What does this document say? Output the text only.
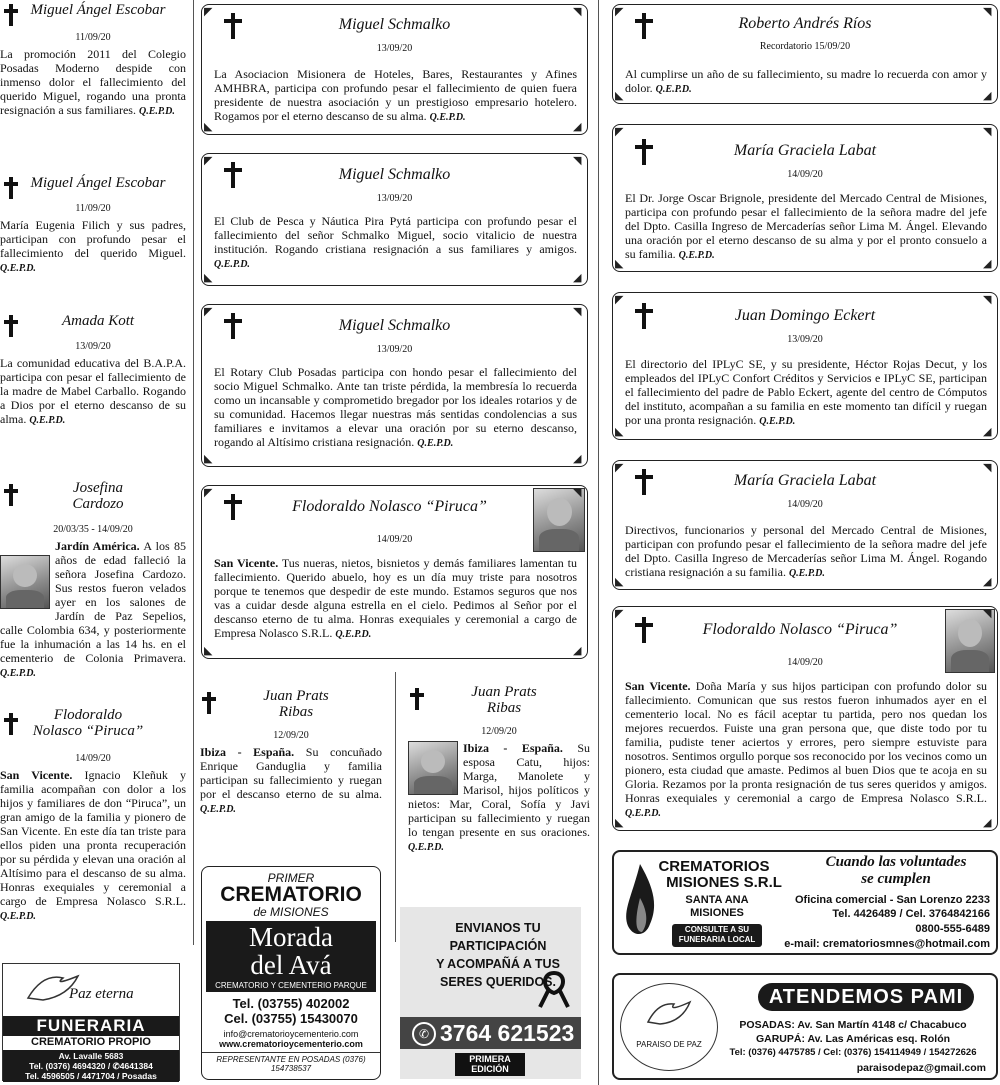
Miguel Ángel Escobar
11/09/20
La promoción 2011 del Colegio Posadas Moderno despide con inmenso dolor el fallecimiento del querido Miguel, rogando una pronta resignación a sus familiares. Q.E.P.D.
Miguel Ángel Escobar
11/09/20
María Eugenia Filich y sus padres, participan con profundo pesar el fallecimiento del querido Miguel. Q.E.P.D.
Amada Kott
13/09/20
La comunidad educativa del B.A.P.A. participa con pesar el fallecimiento de la madre de Mabel Carballo. Rogando a Dios por el eterno descanso de su alma. Q.E.P.D.
Josefina Cardozo
20/03/35 - 14/09/20
Jardín América. A los 85 años de edad falleció la señora Josefina Cardozo. Sus restos fueron velados ayer en los salones de Jardín de Paz Sepelios, calle Colombia 634, y posteriormente fue la inhumación a las 14 hs. en el cementerio de Colonia Primavera. Q.E.P.D.
Flodoraldo Nolasco “Piruca”
14/09/20
San Vicente. Ignacio Kleñuk y familia acompañan con dolor a los hijos y familiares de don “Piruca”, un gran amigo de la familia y pionero de San Vicente. En este día tan triste para ellos piden una pronta recuperación por su pérdida y elevan una oración al Altísimo para el descanso de su alma. Honras exequiales y ceremonial a cargo de Empresa Nolasco S.R.L. Q.E.P.D.
Paz eterna
FUNERARIA
CREMATORIO PROPIO
Av. Lavalle 5683
Tel. (0376) 4694320 / ✆4641384
Tel. 4596505 / 4471704 / Posadas
Miguel Schmalko
13/09/20
La Asociacion Misionera de Hoteles, Bares, Restaurantes y Afines AMHBRA, participa con profundo pesar el fallecimiento de quien fuera presidente de nuestra asociación y un prestigioso empresario hotelero. Rogamos por el eterno descanso de su alma. Q.E.P.D.
◤	◥
◣	◢
Miguel Schmalko
13/09/20
El Club de Pesca y Náutica Pira Pytá participa con profundo pesar el fallecimiento del señor Schmalko Miguel, socio vitalicio de nuestra institución. Rogando cristiana resignación a sus familiares y amigos. Q.E.P.D.
◤	◥
◣	◢
Miguel Schmalko
13/09/20
El Rotary Club Posadas participa con hondo pesar el fallecimiento del socio Miguel Schmalko. Ante tan triste pérdida, la membresía lo recuerda como un incansable y comprometido bregador por los ideales rotarios y de su comunidad. Hacemos llegar nuestras más sentidas condolencias a sus familiares e invitamos a elevar una oración por su eterno descanso, rogando al Altísimo cristiana resignación. Q.E.P.D.
◤	◥
◣	◢
Flodoraldo Nolasco “Piruca”
14/09/20
San Vicente. Tus nueras, nietos, bisnietos y demás familiares lamentan tu fallecimiento. Querido abuelo, hoy es un día muy triste para nosotros porque te tenemos que despedir de este mundo. Estamos seguros que nos vas a cuidar desde alguna estrella en el cielo. Pedimos al Señor por el descanso eterno de tu alma. Honras exequiales y ceremonial a cargo de Empresa Nolasco S.R.L. Q.E.P.D.
◤	◥
◣	◢
Juan Prats Ribas
12/09/20
Ibiza - España. Su concuñado Enrique Ganduglia y familia participan su fallecimiento y ruegan por el descanso eterno de su alma. Q.E.P.D.
Juan Prats Ribas
12/09/20
Ibiza - España. Su esposa Catu, hijos: Marga, Manolete y Marisol, hijos políticos y nietos: Mar, Coral, Sofía y Javi participan su fallecimiento y ruegan lo tengan presente en sus oraciones. Q.E.P.D.
PRIMER
CREMATORIO
de MISIONES
Morada
del Avá
CREMATORIO Y CEMENTERIO PARQUE
Tel. (03755) 402002
Cel. (03755) 15430070
info@crematorioycementerio.com
www.crematorioycementerio.com
REPRESENTANTE EN POSADAS (0376) 154738537
ENVIANOS TU
PARTICIPACIÓN
Y ACOMPAÑÁ A TUS
SERES QUERIDOS.
✆ 3764 621523
PRIMERA
EDICIÓN
Roberto Andrés Ríos
Recordatorio 15/09/20
Al cumplirse un año de su fallecimiento, su madre lo recuerda con amor y dolor. Q.E.P.D.
◤	◥
◣	◢
María Graciela Labat
14/09/20
El Dr. Jorge Oscar Brignole, presidente del Mercado Central de Misiones, participa con profundo pesar el fallecimiento de la señora madre del jefe del Dpto. Casilla Ingreso de Mercaderías señor Lima M. Ángel. Elevando una oración por el eterno descanso de su alma y por el pronto consuelo a su familia. Q.E.P.D.
◤	◥
◣	◢
Juan Domingo Eckert
13/09/20
El directorio del IPLyC SE, y su presidente, Héctor Rojas Decut, y los empleados del IPLyC Confort Créditos y Servicios e IPLyC SE, participan el fallecimiento del padre de Pablo Eckert, agente del centro de Cómputos del instituto, acompañan a su familia en este momento tan difícil y ruegan por una pronta resignación. Q.E.P.D.
◤	◥
◣	◢
María Graciela Labat
14/09/20
Directivos, funcionarios y personal del Mercado Central de Misiones, participan con profundo pesar el fallecimiento de la señora madre del jefe del Dpto. Casilla Ingreso de Mercaderías señor Lima M. Ángel. Rogando cristiana resignación a su familia. Q.E.P.D.
◤	◥
◣	◢
Flodoraldo Nolasco “Piruca”
14/09/20
San Vicente. Doña María y sus hijos participan con profundo dolor su fallecimiento. Comunican que sus restos fueron inhumados ayer en el cementerio local. No es fácil aceptar tu partida, pero nos quedan los mejores recuerdos. Fuiste una gran persona que, que diste todo por tu familia, pudiste tener aciertos y errores, pero siempre estuviste para nosotros. Sentimos orgullo porque sos reconocido por los vecinos como un pionero, esta ciudad que amaste. Pedimos al buen Dios que te acoja en su Gloria. Rezamos por la pronta resignación de tus seres queridos y amigos. Honras exequiales y ceremonial a cargo de Empresa Nolasco S.R.L. Q.E.P.D.
◤	◥
◣	◢
CREMATORIOS
MISIONES S.R.L
SANTA ANA
MISIONES
CONSULTE A SU
FUNERARIA LOCAL
Cuando las voluntades
se cumplen
Oficina comercial - San Lorenzo 2233
Tel. 4426489 / Cel. 3764842166
0800-555-6489
e-mail: crematoriosmnes@hotmail.com
PARAISO DE PAZ
ATENDEMOS PAMI
POSADAS: Av. San Martín 4148 c/ Chacabuco
GARUPÁ: Av. Las Américas esq. Rolón
Tel: (0376) 4475785 / Cel: (0376) 154114949 / 154272626
paraisodepaz@gmail.com
